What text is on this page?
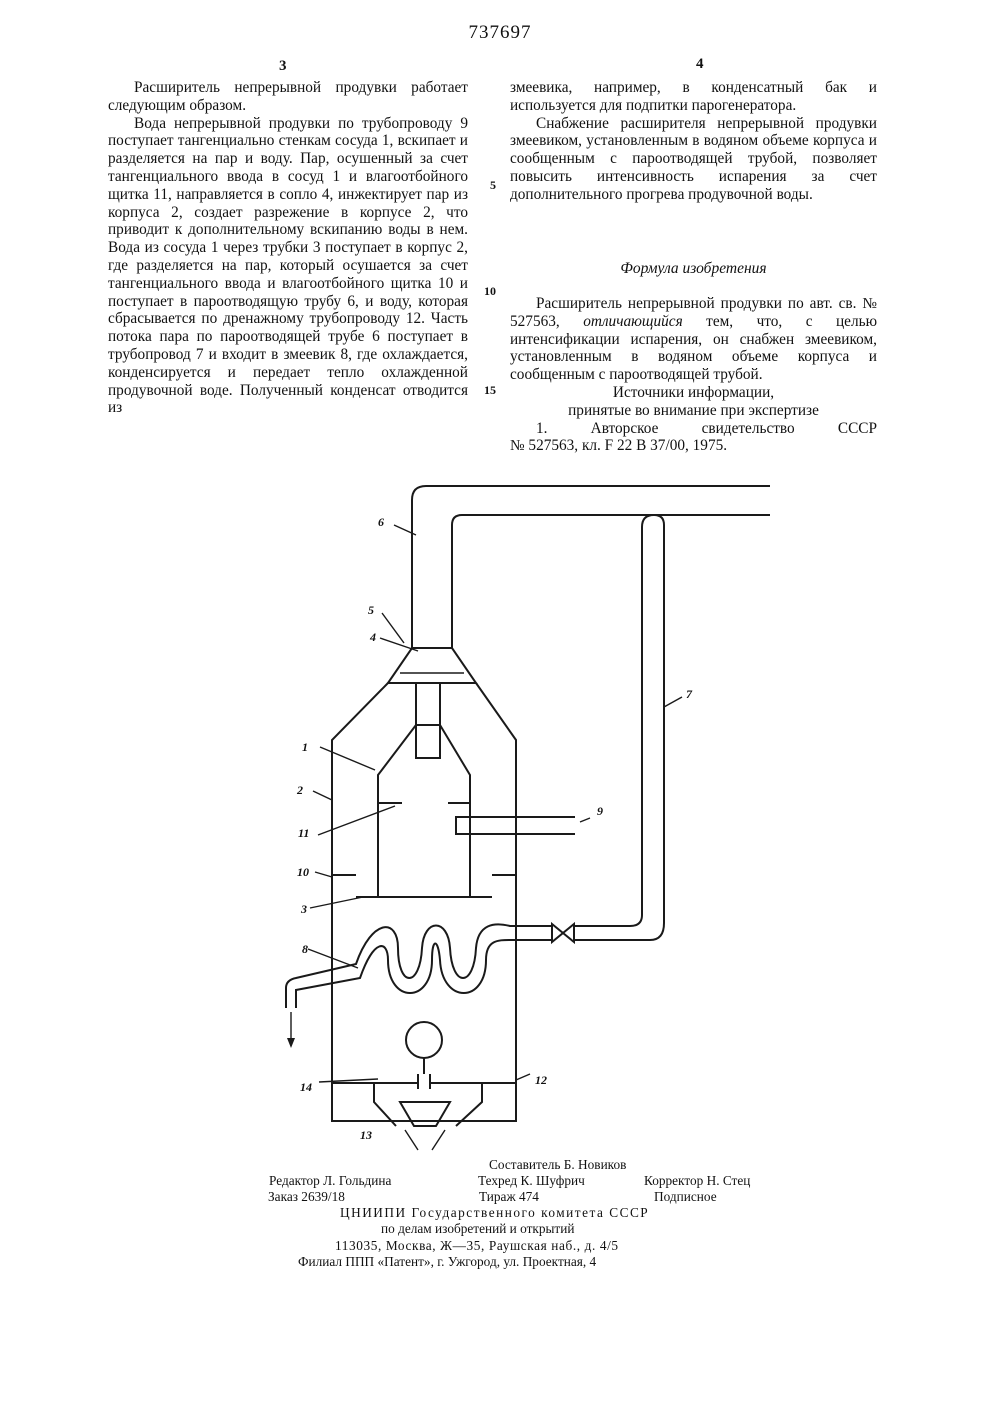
737697
3	4

Расширитель непрерывной продувки работает следующим образом.

Вода непрерывной продувки по трубопроводу 9 поступает тангенциально стенкам сосуда 1, вскипает и разделяется на пар и воду. Пар, осушенный за счет тангенциального ввода в сосуд 1 и влагоотбойного щитка 11, направляется в сопло 4, инжектирует пар из корпуса 2, создает разрежение в корпусе 2, что приводит к дополнительному вскипанию воды в нем. Вода из сосуда 1 через трубки 3 поступает в корпус 2, где разделяется на пар, который осушается за счет тангенциального ввода и влагоотбойного щитка 10 и поступает в пароотводящую трубу 6, и воду, которая сбрасывается по дренажному трубопроводу 12. Часть потока пара по пароотводящей трубе 6 поступает в трубопровод 7 и входит в змеевик 8, где охлаждается, конденсируется и передает тепло охлажденной продувочной воде. Полученный конденсат отводится из

змеевика, например, в конденсатный бак и используется для подпитки парогенератора.

Снабжение расширителя непрерывной продувки змеевиком, установленным в водяном объеме корпуса и сообщенным с пароотводящей трубой, позволяет повысить интенсивность испарения за счет дополнительного прогрева продувочной воды.

Формула изобретения

Расширитель непрерывной продувки по авт. св. № 527563, отличающийся тем, что, с целью интенсификации испарения, он снабжен змеевиком, установленным в водяном объеме корпуса и сообщенным с пароотводящей трубой.

Источники информации,

принятые во внимание при экспертизе

1. Авторское свидетельство СССР

№ 527563, кл. F 22 В 37/00, 1975.

5
10
15
6
5
4
7
1
2
9
11
10
3
8
14	12
13
Составитель Б. Новиков
Редактор Л. Гольдина	Техред К. Шуфрич	Корректор Н. Стец
Заказ 2639/18	Тираж 474	Подписное
ЦНИИПИ Государственного комитета СССР
по делам изобретений и открытий
113035, Москва, Ж—35, Раушская наб., д. 4/5
Филиал ППП «Патент», г. Ужгород, ул. Проектная, 4
